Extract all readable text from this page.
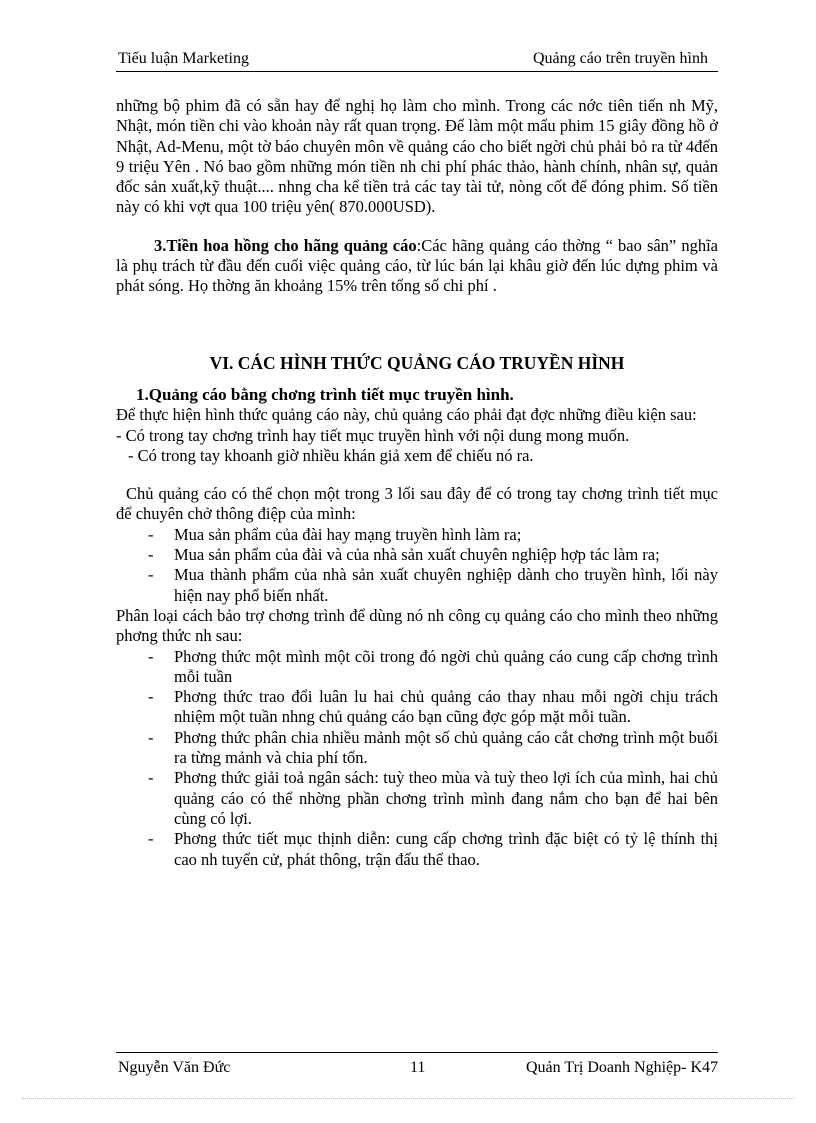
Tiểu luận Marketing	Quảng cáo trên truyền hình

những bộ phim đã có sẵn hay để nghị họ làm cho mình. Trong các nớc tiên tiến nh Mỹ, Nhật, món tiền chi vào khoản này rất quan trọng. Để làm một mẩu phim 15 giây đồng hồ ở Nhật, Ad-Menu, một tờ báo chuyên môn về quảng cáo cho biết ngời chủ phải bỏ ra từ 4đến 9 triệu Yên . Nó bao gồm những món tiền nh chi phí phác thảo, hành chính, nhân sự, quản đốc sản xuất,kỹ thuật.... nhng cha kể tiền trả các tay tài tử, nòng cốt để đóng phim. Số tiền này có khi vợt qua 100 triệu yên( 870.000USD).

3.Tiền hoa hồng cho hãng quảng cáo:Các hãng quảng cáo thờng “ bao sân” nghĩa là phụ trách từ đầu đến cuối việc quảng cáo, từ lúc bán lại khâu giờ đến lúc dựng phim và phát sóng. Họ thờng ăn khoảng 15% trên tổng số chi phí .

VI. CÁC HÌNH THỨC QUẢNG CÁO TRUYỀN HÌNH
1.Quảng cáo bằng chơng trình tiết mục truyền hình.

Để thực hiện hình thức quảng cáo này, chủ quảng cáo phải đạt đợc những điều kiện sau:

- Có trong tay chơng trình hay tiết mục truyền hình với nội dung mong muốn.

- Có trong tay khoanh giờ nhiều khán giả xem để chiếu nó ra.

Chủ quảng cáo có thể chọn một trong 3 lối sau đây để có trong tay chơng trình tiết mục để chuyên chở thông điệp của mình:

- Mua sản phẩm của đài hay mạng truyền hình làm ra;
- Mua sản phẩm của đài và của nhà sản xuất chuyên nghiệp hợp tác làm ra;
- Mua thành phẩm của nhà sản xuất chuyên nghiệp dành cho truyền hình, lối này hiện nay phổ biến nhất.

Phân loại cách bảo trợ chơng trình để dùng nó nh công cụ quảng cáo cho mình theo những phơng thức nh sau:

- Phơng thức một mình một cõi trong đó ngời chủ quảng cáo cung cấp chơng trình mỗi tuần
- Phơng thức trao đổi luân lu hai chủ quảng cáo thay nhau mỗi ngời chịu trách nhiệm một tuần nhng chủ quảng cáo bạn cũng đợc góp mặt mỗi tuần.
- Phơng thức phân chia nhiều mảnh một số chủ quảng cáo cắt chơng trình một buổi ra từng mảnh và chia phí tổn.
- Phơng thức giải toả ngân sách: tuỳ theo mùa và tuỳ theo lợi ích của mình, hai chủ quảng cáo có thể nhờng phần chơng trình mình đang nắm cho bạn để hai bên cùng có lợi.
- Phơng thức tiết mục thịnh diễn: cung cấp chơng trình đặc biệt có tỷ lệ thính thị cao nh tuyển cử, phát thông, trận đấu thể thao.
Nguyễn Văn Đức	11	Quản Trị Doanh Nghiệp- K47
